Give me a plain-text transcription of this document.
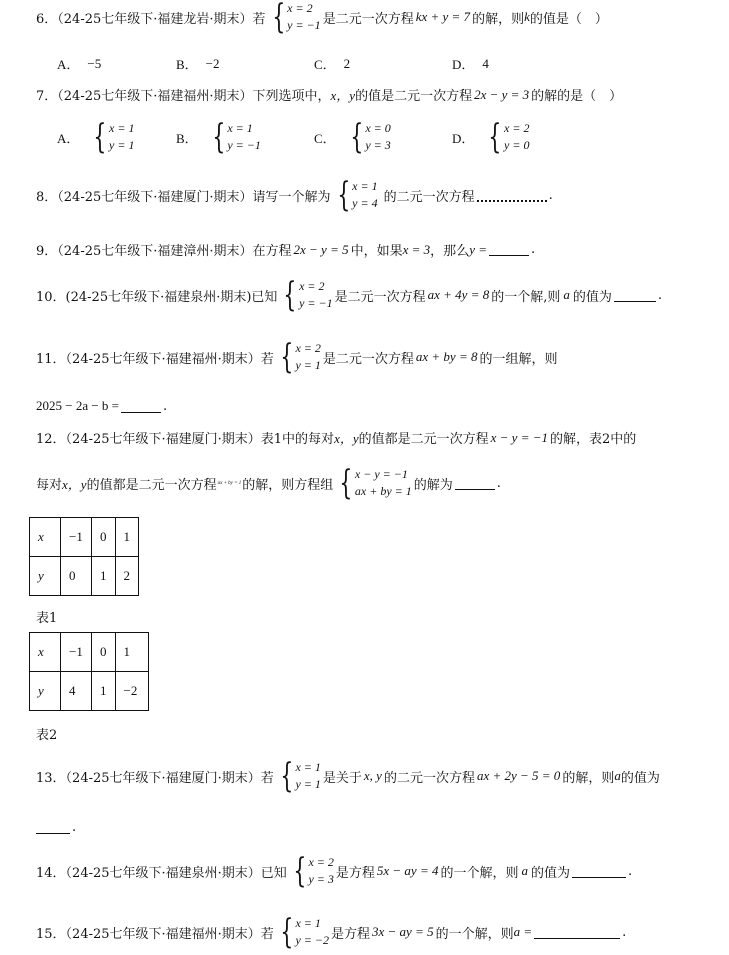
6．（24-25七年级下·福建龙岩·期末）若 { x = 2
y = −1 是二元一次方程 kx + y = 7 的解，则 k 的值是（　）
A． −5	B． −2	C． 2	D． 4
7．（24-25七年级下·福建福州·期末）下列选项中， x，y 的值是二元一次方程 2x − y = 3 的解的是（　）
A． { x = 1
y = 1	B． { x = 1
y = −1	C． { x = 0
y = 3	D． { x = 2
y = 0
8．（24-25七年级下·福建厦门·期末）请写一个解为 { x = 1
y = 4 的二元一次方程	.
9．（24-25七年级下·福建漳州·期末）在方程 2x − y = 5 中，如果 x = 3 ，那么 y =	.
10．(24-25七年级下·福建泉州·期末)已知 { x = 2
y = −1 是二元一次方程 ax + 4y = 8 的一个解,则 a 的值为	.
11．（24-25七年级下·福建福州·期末）若 { x = 2
y = 1 是二元一次方程 ax + by = 8 的一组解，则
2025 − 2a − b =	.
12．（24-25七年级下·福建厦门·期末）表1中的每对 x，y 的值都是二元一次方程 x − y = −1 的解，表2中的
每对 x，y 的值都是二元一次方程 ax + by = 1 的解，则方程组 { x − y = −1
ax + by = 1 的解为	.
x	−1	0	1
y	0	1	2
表1
x	−1	0	1
y	4	1	−2
表2
13．（24-25七年级下·福建厦门·期末）若 { x = 1
y = 1 是关于 x, y 的二元一次方程 ax + 2y − 5 = 0 的解，则 a 的值为
.
14．（24-25七年级下·福建泉州·期末）已知 { x = 2
y = 3 是方程 5x − ay = 4 的一个解，则 a 的值为	.
15．（24-25七年级下·福建福州·期末）若 { x = 1
y = −2 是方程 3x − ay = 5 的一个解，则 a =	.
